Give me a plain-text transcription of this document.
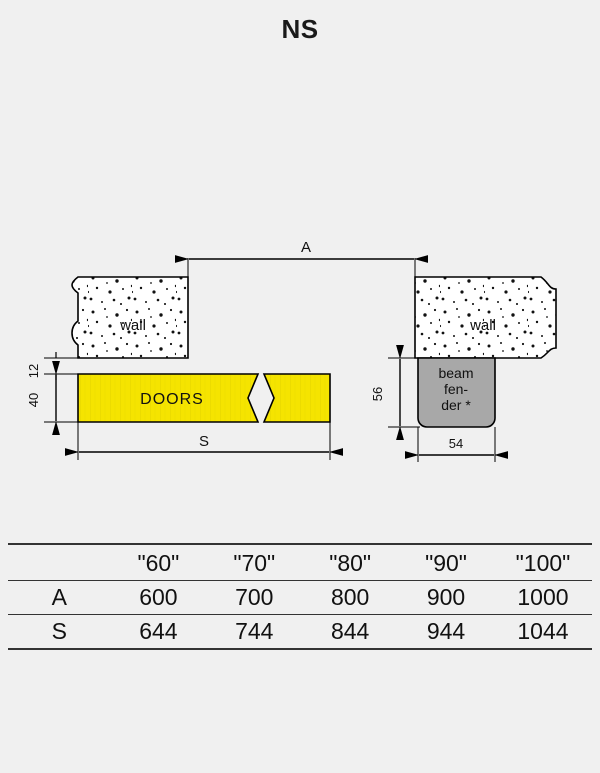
NS
wall	wall
DOORS
beam
fen-
der *
A
S
12
40	56
54
	"60"	"70"	"80"	"90"	"100"
A	600	700	800	900	1000
S	644	744	844	944	1044
